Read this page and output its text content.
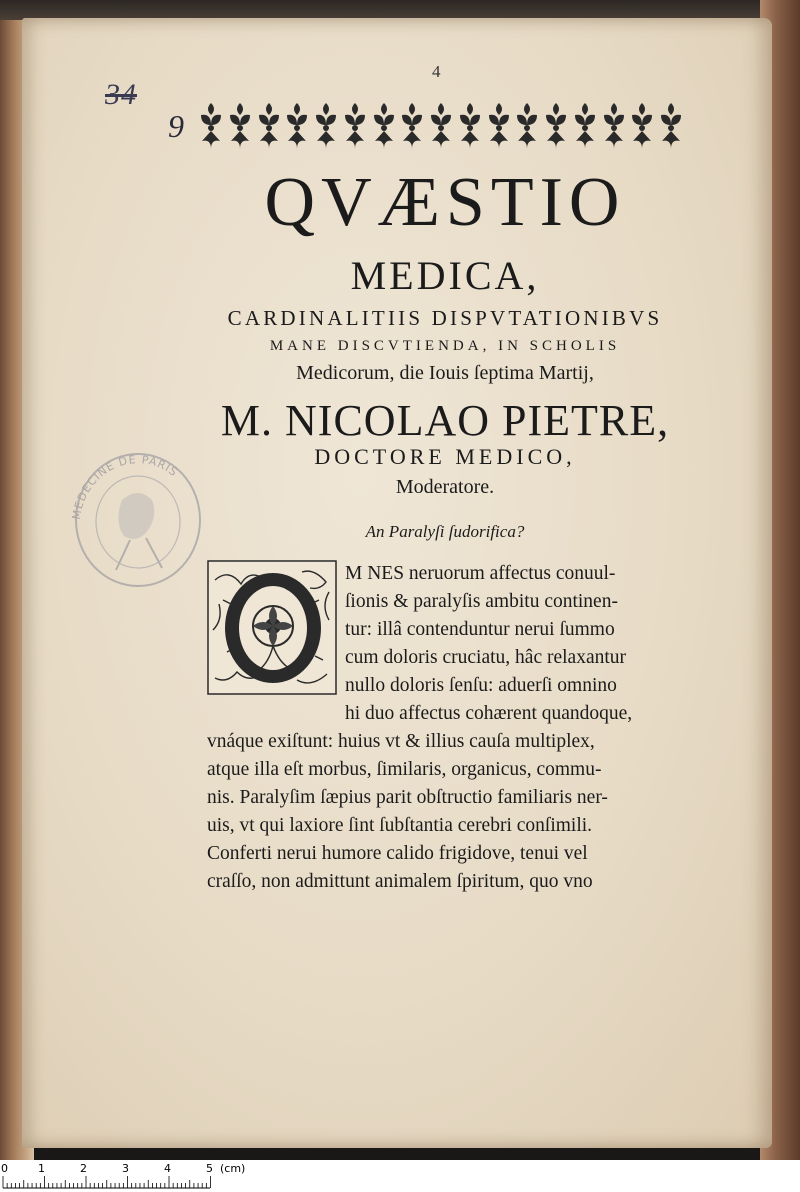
4
34
9
QVÆSTIO
MEDICA,
CARDINALITIIS DISPVTATIONIBVS
MANE DISCVTIENDA, IN SCHOLIS
Medicorum, die Iouis ſeptima Martij,
M. NICOLAO PIETRE,
DOCTORE MEDICO,
Moderatore.
An Paralyſi ſudorifica?
M NES neruorum affectus conuul-
ſionis & paralyſis ambitu continen-
tur: illâ contenduntur nerui ſummo
cum doloris cruciatu, hâc relaxantur
nullo doloris ſenſu: aduerſi omnino
hi duo affectus cohærent quandoque,
vnáque exiſtunt: huius vt & illius cauſa multiplex,
atque illa eſt morbus, ſimilaris, organicus, commu-
nis. Paralyſim ſæpius parit obſtructio familiaris ner-
uis, vt qui laxiore ſint ſubſtantia cerebri conſimili.
Conferti nerui humore calido frigidove, tenui vel
craſſo, non admittunt animalem ſpiritum, quo vno
MEDECINE DE PARIS
0	1	2	3	4	5 (cm)
